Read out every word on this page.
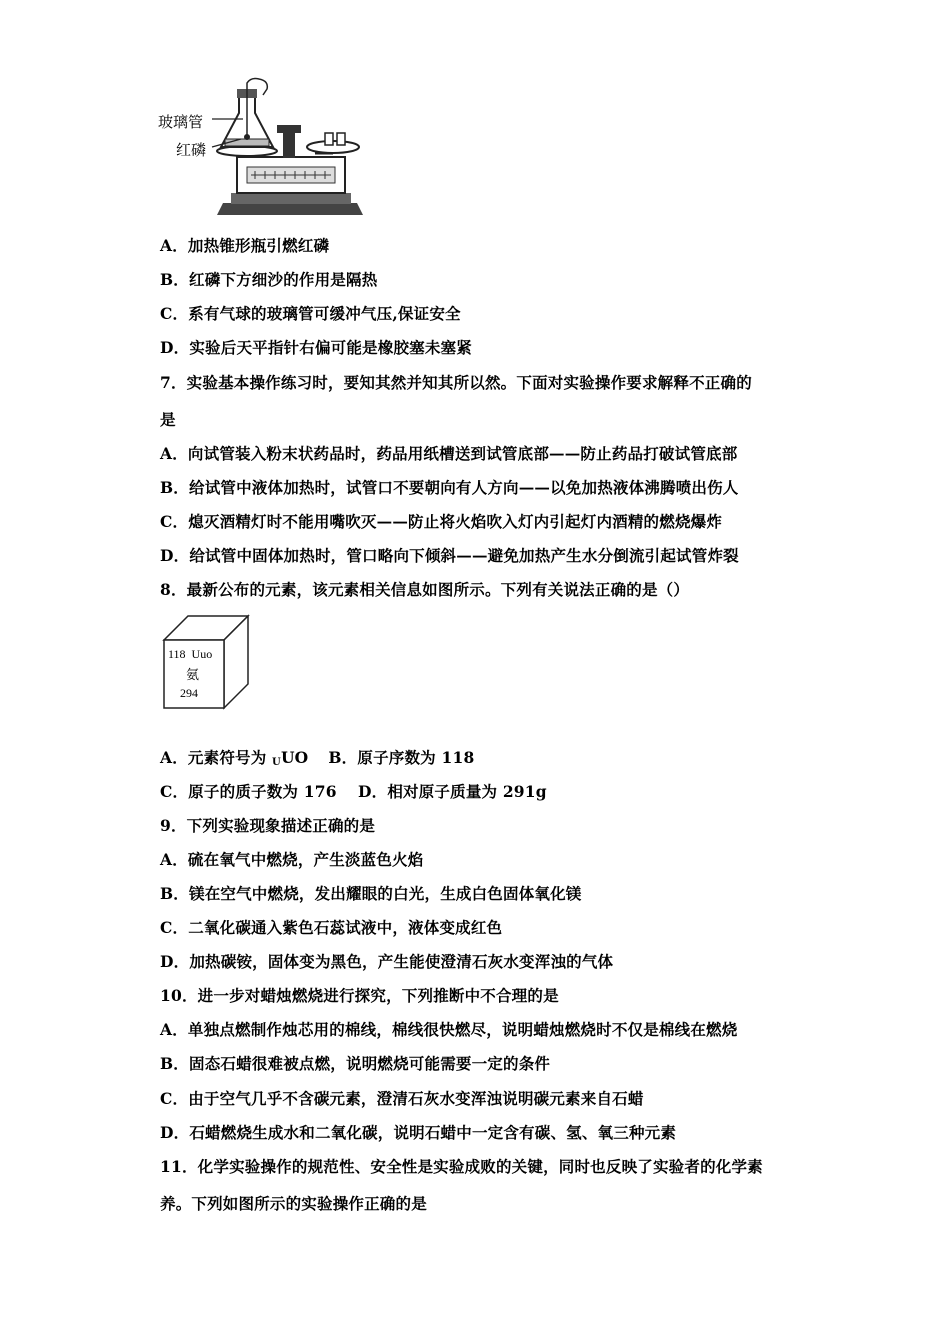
玻璃管
红磷
A．加热锥形瓶引燃红磷
B．红磷下方细沙的作用是隔热
C．系有气球的玻璃管可缓冲气压,保证安全
D．实验后天平指针右偏可能是橡胶塞未塞紧
7．实验基本操作练习时，要知其然并知其所以然。下面对实验操作要求解释不正确的
是
A．向试管装入粉末状药品时，药品用纸槽送到试管底部——防止药品打破试管底部
B．给试管中液体加热时，试管口不要朝向有人方向——以免加热液体沸腾喷出伤人
C．熄灭酒精灯时不能用嘴吹灭——防止将火焰吹入灯内引起灯内酒精的燃烧爆炸
D．给试管中固体加热时，管口略向下倾斜——避免加热产生水分倒流引起试管炸裂
8．最新公布的元素，该元素相关信息如图所示。下列有关说法正确的是（）
118  Uuo
氨
294
A．元素符号为 $_U$UO B．原子序数为 118
C．原子的质子数为 176　 D．相对原子质量为 291g
9．下列实验现象描述正确的是
A．硫在氧气中燃烧，产生淡蓝色火焰
B．镁在空气中燃烧，发出耀眼的白光，生成白色固体氧化镁
C．二氧化碳通入紫色石蕊试液中，液体变成红色
D．加热碳铵，固体变为黑色，产生能使澄清石灰水变浑浊的气体
10．进一步对蜡烛燃烧进行探究，下列推断中不合理的是
A．单独点燃制作烛芯用的棉线，棉线很快燃尽，说明蜡烛燃烧时不仅是棉线在燃烧
B．固态石蜡很难被点燃，说明燃烧可能需要一定的条件
C．由于空气几乎不含碳元素，澄清石灰水变浑浊说明碳元素来自石蜡
D．石蜡燃烧生成水和二氧化碳，说明石蜡中一定含有碳、氢、氧三种元素
11．化学实验操作的规范性、安全性是实验成败的关键，同时也反映了实验者的化学素
养。下列如图所示的实验操作正确的是
